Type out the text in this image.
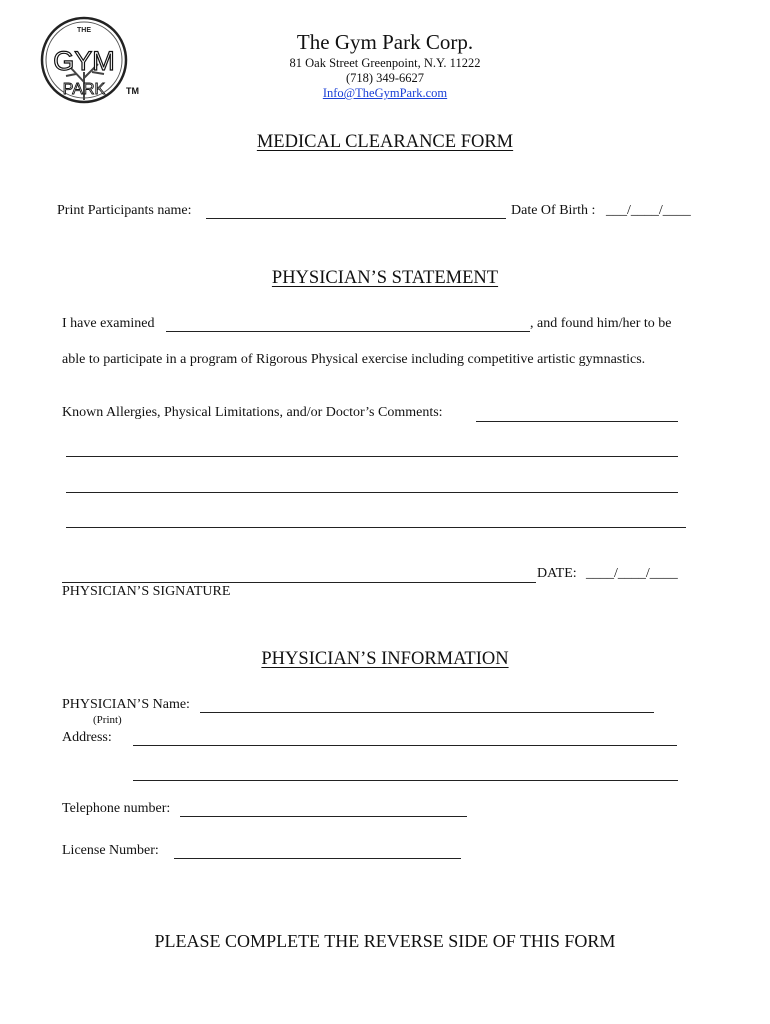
THE
GYM
PARK TM
The Gym Park Corp.
81 Oak Street Greenpoint, N.Y. 11222
(718) 349-6627
Info@TheGymPark.com
MEDICAL CLEARANCE FORM
Print Participants name:	Date Of Birth : ___/____/____
PHYSICIAN’S STATEMENT
I have examined	, and found him/her to be
able to participate in a program of Rigorous Physical exercise including competitive artistic gymnastics.
Known Allergies, Physical Limitations, and/or Doctor’s Comments:
DATE: ____/____/____
PHYSICIAN’S SIGNATURE
PHYSICIAN’S INFORMATION
PHYSICIAN’S Name:
(Print)
Address:
Telephone number:
License Number:
PLEASE COMPLETE THE REVERSE SIDE OF THIS FORM
